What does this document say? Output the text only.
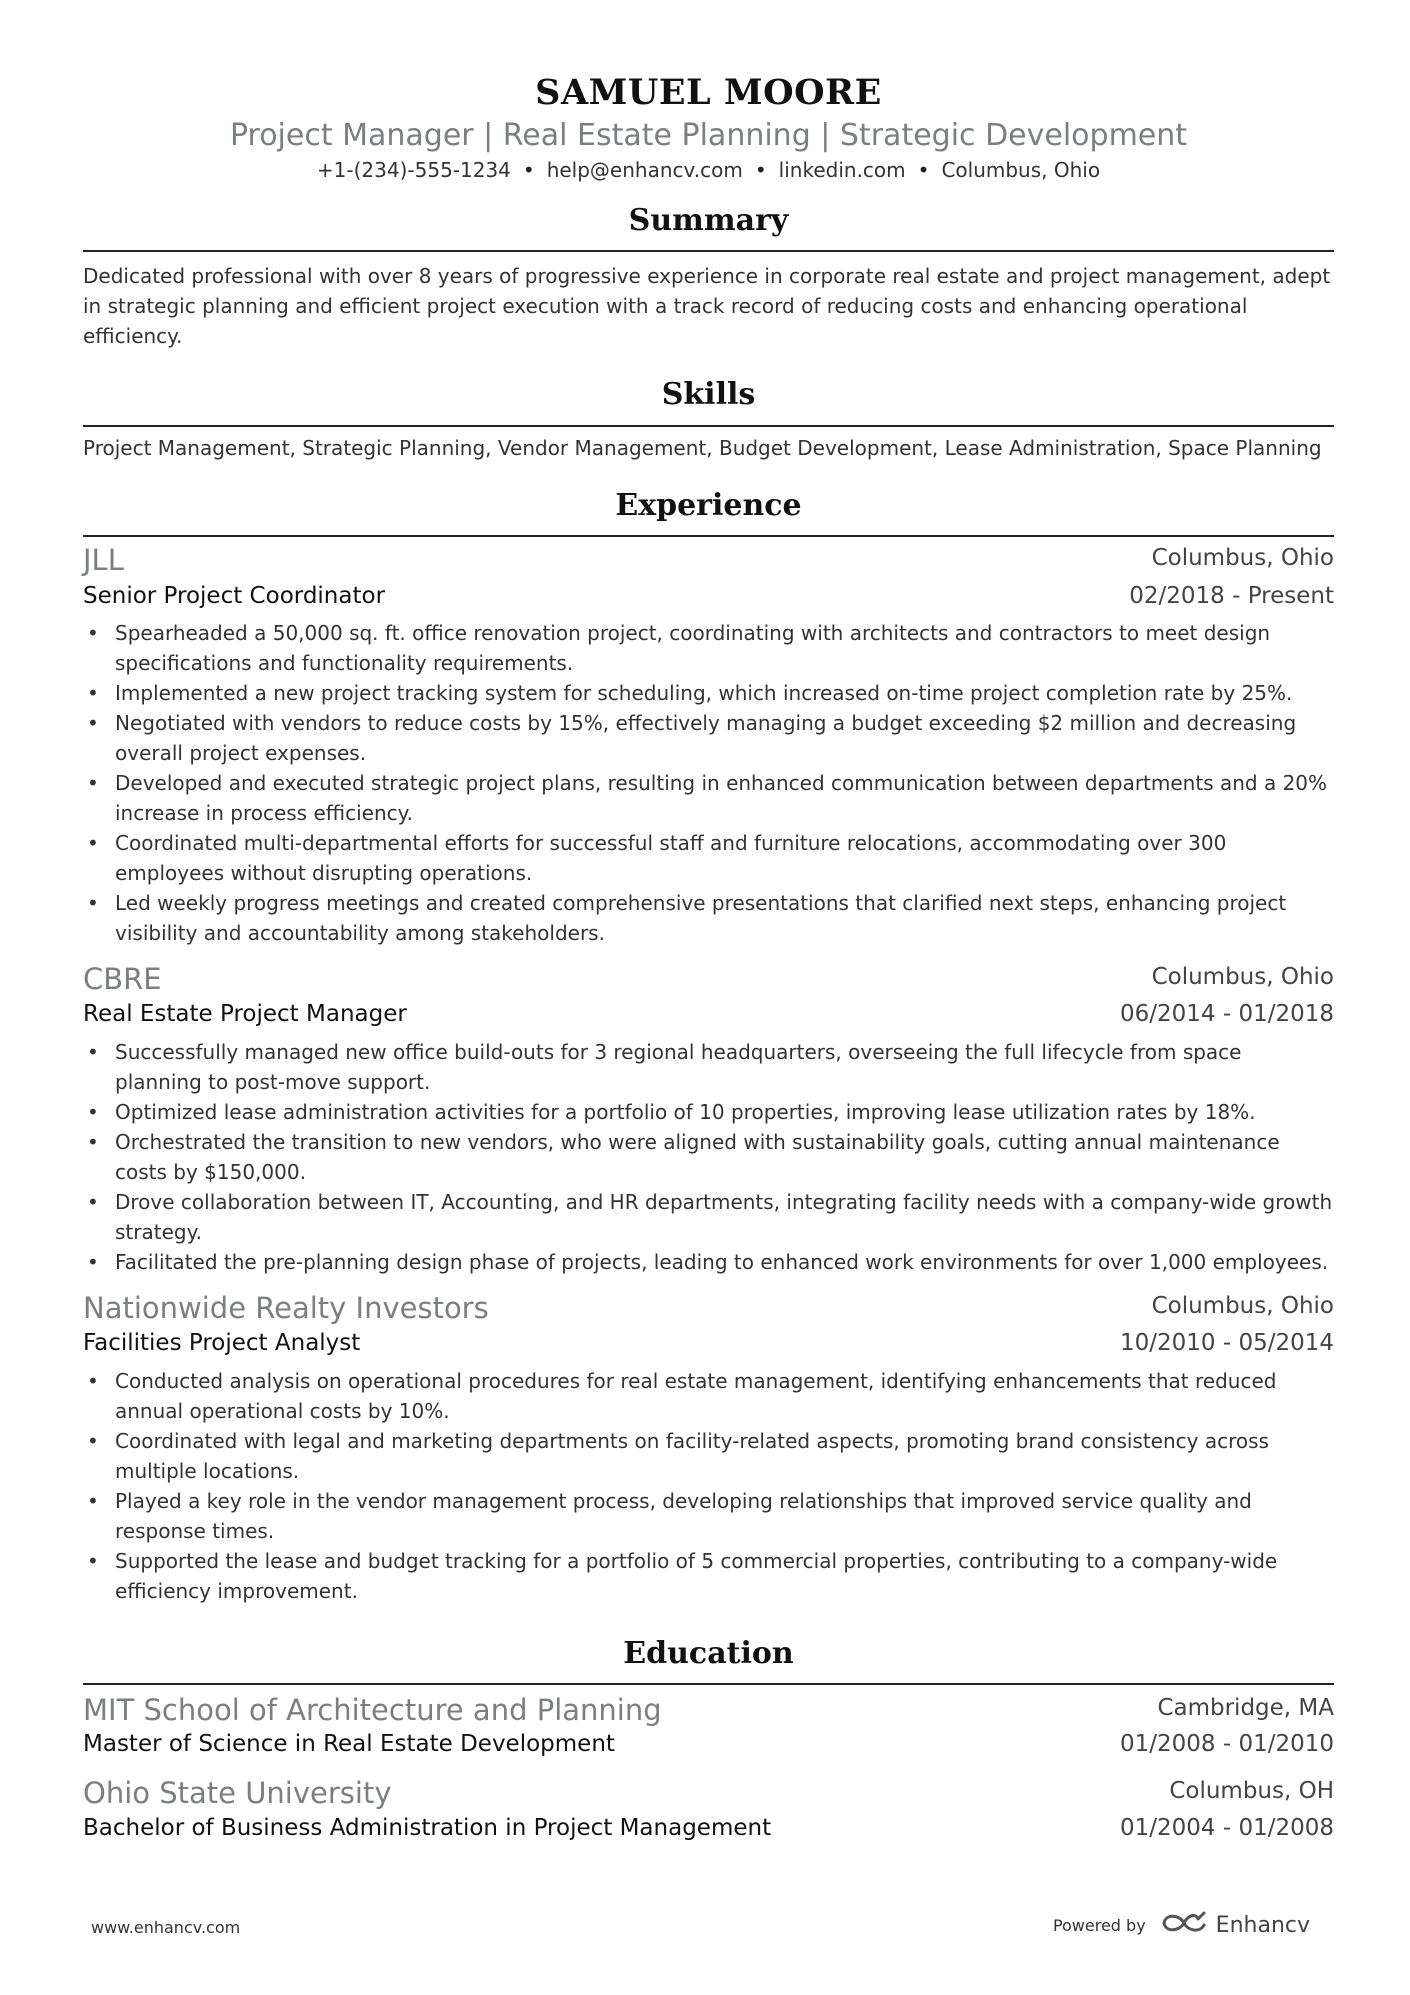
SAMUEL MOORE

Project Manager | Real Estate Planning | Strategic Development

+1-(234)-555-1234 • help@enhancv.com • linkedin.com • Columbus, Ohio
Summary

Dedicated professional with over 8 years of progressive experience in corporate real estate and project management, adept in strategic planning and efficient project execution with a track record of reducing costs and enhancing operational efficiency.

Skills

Project Management, Strategic Planning, Vendor Management, Budget Development, Lease Administration, Space Planning

Experience
JLL	Columbus, Ohio
Senior Project Coordinator	02/2018 - Present
• Spearheaded a 50,000 sq. ft. office renovation project, coordinating with architects and contractors to meet design specifications and functionality requirements.
• Implemented a new project tracking system for scheduling, which increased on-time project completion rate by 25%.
• Negotiated with vendors to reduce costs by 15%, effectively managing a budget exceeding $2 million and decreasing overall project expenses.
• Developed and executed strategic project plans, resulting in enhanced communication between departments and a 20% increase in process efficiency.
• Coordinated multi-departmental efforts for successful staff and furniture relocations, accommodating over 300 employees without disrupting operations.
• Led weekly progress meetings and created comprehensive presentations that clarified next steps, enhancing project visibility and accountability among stakeholders.
CBRE	Columbus, Ohio
Real Estate Project Manager	06/2014 - 01/2018
• Successfully managed new office build-outs for 3 regional headquarters, overseeing the full lifecycle from space planning to post-move support.
• Optimized lease administration activities for a portfolio of 10 properties, improving lease utilization rates by 18%.
• Orchestrated the transition to new vendors, who were aligned with sustainability goals, cutting annual maintenance costs by $150,000.
• Drove collaboration between IT, Accounting, and HR departments, integrating facility needs with a company-wide growth strategy.
• Facilitated the pre-planning design phase of projects, leading to enhanced work environments for over 1,000 employees.
Nationwide Realty Investors	Columbus, Ohio
Facilities Project Analyst	10/2010 - 05/2014
• Conducted analysis on operational procedures for real estate management, identifying enhancements that reduced annual operational costs by 10%.
• Coordinated with legal and marketing departments on facility-related aspects, promoting brand consistency across multiple locations.
• Played a key role in the vendor management process, developing relationships that improved service quality and response times.
• Supported the lease and budget tracking for a portfolio of 5 commercial properties, contributing to a company-wide efficiency improvement.
Education
MIT School of Architecture and Planning	Cambridge, MA
Master of Science in Real Estate Development	01/2008 - 01/2010
Ohio State University	Columbus, OH
Bachelor of Business Administration in Project Management	01/2004 - 01/2008
www.enhancv.com	Powered by	Enhancv
